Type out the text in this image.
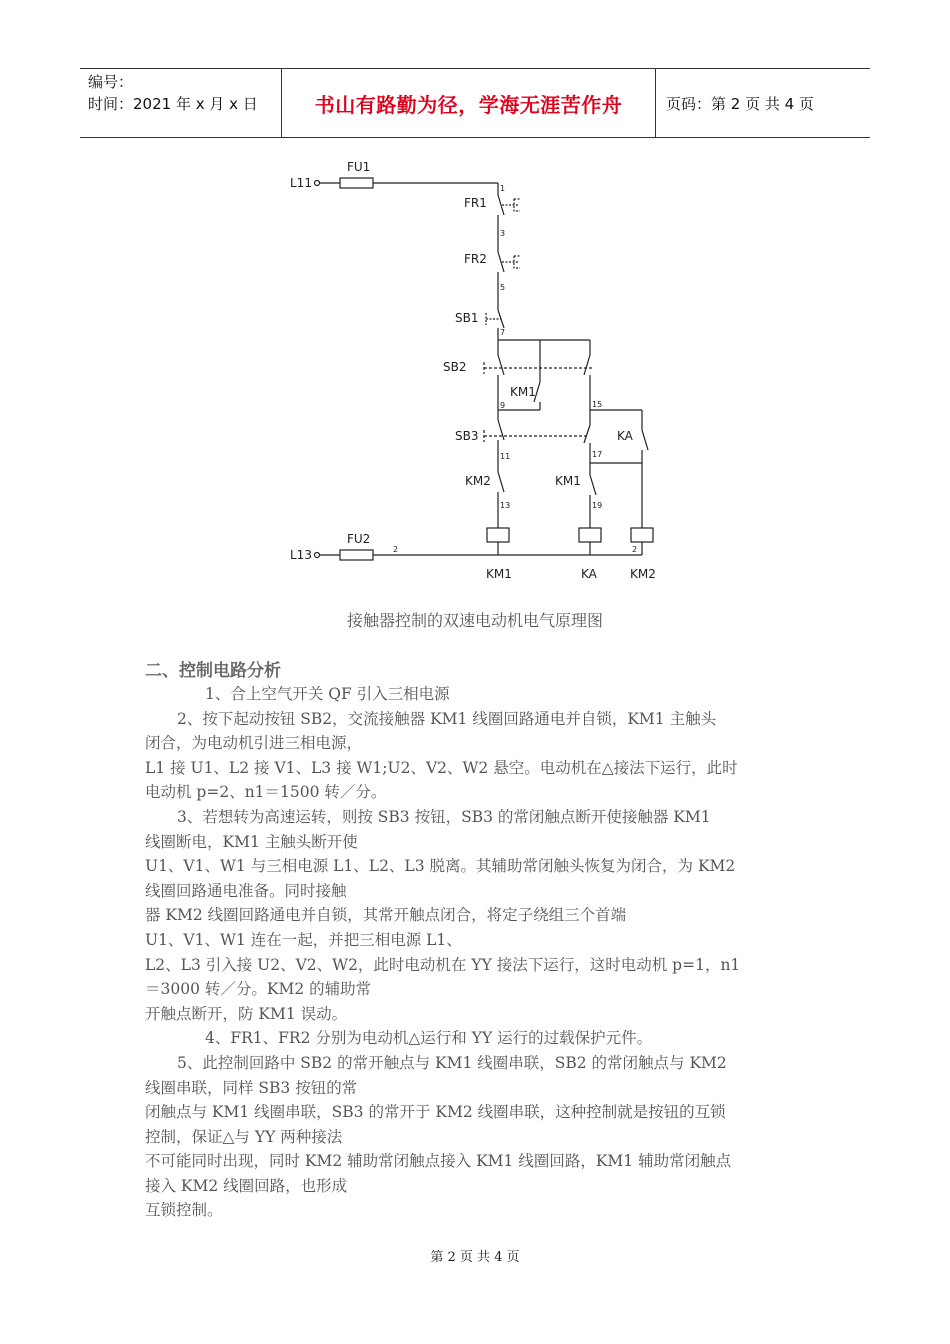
编号：
时间：2021 年 x 月 x 日	书山有路勤为径，学海无涯苦作舟	页码：第 2 页 共 4 页
L11
FU1
FR1
FR2
SB1
SB2
KM1
KA
SB3
KM2	KM1
FU2
L13
KM1	KA	KM2
1
3
5
7
9	15
11	17
13	19
2	2
接触器控制的双速电动机电气原理图
二、控制电路分析

1、合上空气开关 QF 引入三相电源

2、按下起动按钮 SB2，交流接触器 KM1 线圈回路通电并自锁，KM1 主触头

闭合，为电动机引进三相电源，

L1 接 U1、L2 接 V1、L3 接 W1;U2、V2、W2 悬空。电动机在△接法下运行，此时

电动机 p=2、n1＝1500 转／分。

3、若想转为高速运转，则按 SB3 按钮，SB3 的常闭触点断开使接触器 KM1

线圈断电，KM1 主触头断开使

U1、V1、W1 与三相电源 L1、L2、L3 脱离。其辅助常闭触头恢复为闭合，为 KM2

线圈回路通电准备。同时接触

器 KM2 线圈回路通电并自锁，其常开触点闭合，将定子绕组三个首端

U1、V1、W1 连在一起，并把三相电源 L1、

L2、L3 引入接 U2、V2、W2，此时电动机在 YY 接法下运行，这时电动机 p=1，n1

＝3000 转／分。KM2 的辅助常

开触点断开，防 KM1 误动。

4、FR1、FR2 分别为电动机△运行和 YY 运行的过载保护元件。

5、此控制回路中 SB2 的常开触点与 KM1 线圈串联，SB2 的常闭触点与 KM2

线圈串联，同样 SB3 按钮的常

闭触点与 KM1 线圈串联，SB3 的常开于 KM2 线圈串联，这种控制就是按钮的互锁

控制，保证△与 YY 两种接法

不可能同时出现，同时 KM2 辅助常闭触点接入 KM1 线圈回路，KM1 辅助常闭触点

接入 KM2 线圈回路，也形成

互锁控制。

第 2 页 共 4 页
